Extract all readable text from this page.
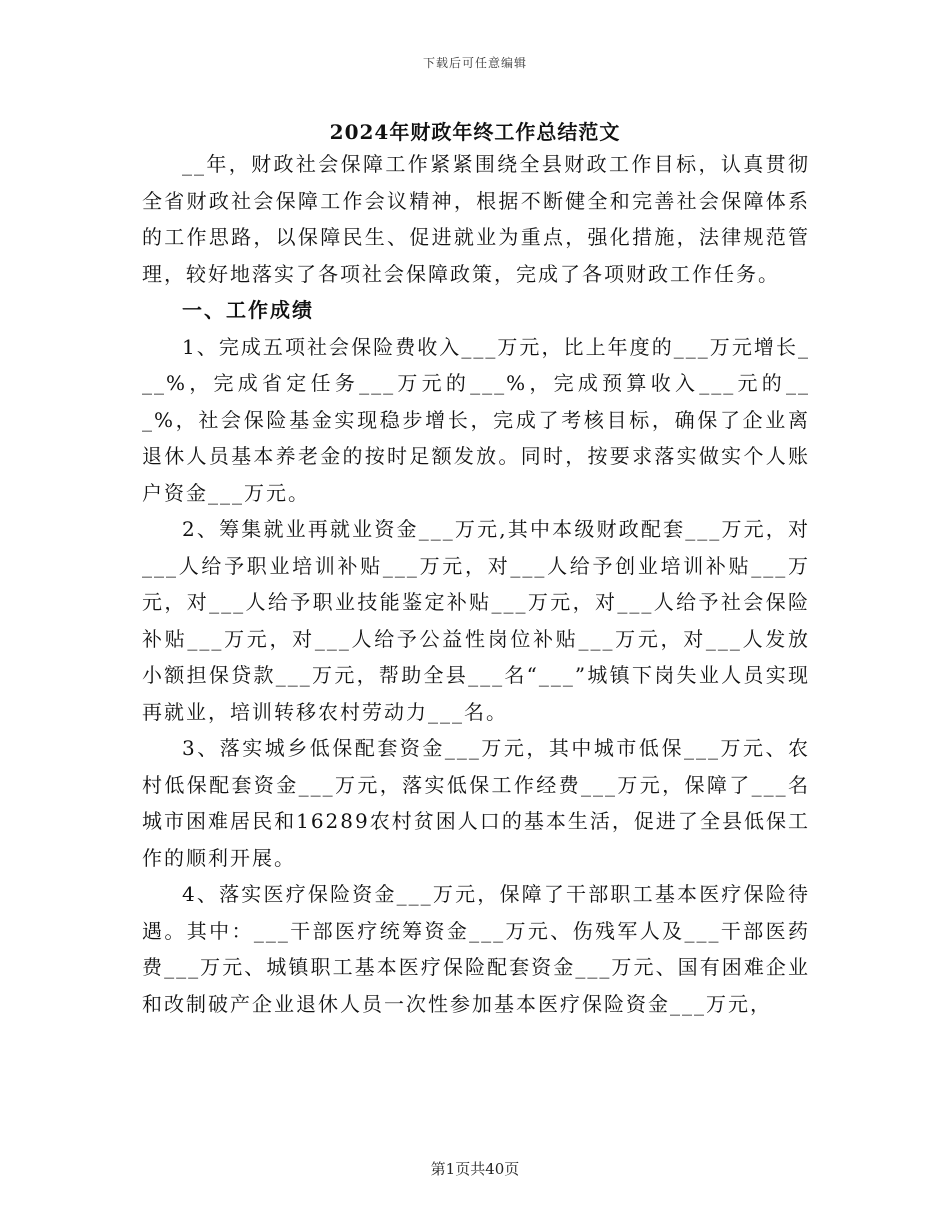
下载后可任意编辑
2024年财政年终工作总结范文

__年，财政社会保障工作紧紧围绕全县财政工作目标，认真贯彻全省财政社会保障工作会议精神，根据不断健全和完善社会保障体系的工作思路，以保障民生、促进就业为重点，强化措施，法律规范管理，较好地落实了各项社会保障政策，完成了各项财政工作任务。

一、工作成绩

1、完成五项社会保险费收入___万元，比上年度的___万元增长___%，完成省定任务___万元的___%，完成预算收入___元的___%，社会保险基金实现稳步增长，完成了考核目标，确保了企业离退休人员基本养老金的按时足额发放。同时，按要求落实做实个人账户资金___万元。

2、筹集就业再就业资金___万元,其中本级财政配套___万元，对___人给予职业培训补贴___万元，对___人给予创业培训补贴___万元，对___人给予职业技能鉴定补贴___万元，对___人给予社会保险补贴___万元，对___人给予公益性岗位补贴___万元，对___人发放小额担保贷款___万元，帮助全县___名“___”城镇下岗失业人员实现再就业，培训转移农村劳动力___名。

3、落实城乡低保配套资金___万元，其中城市低保___万元、农村低保配套资金___万元，落实低保工作经费___万元，保障了___名城市困难居民和16289农村贫困人口的基本生活，促进了全县低保工作的顺利开展。

4、落实医疗保险资金___万元，保障了干部职工基本医疗保险待遇。其中：___干部医疗统筹资金___万元、伤残军人及___干部医药费___万元、城镇职工基本医疗保险配套资金___万元、国有困难企业和改制破产企业退休人员一次性参加基本医疗保险资金___万元，

第1页共40页
